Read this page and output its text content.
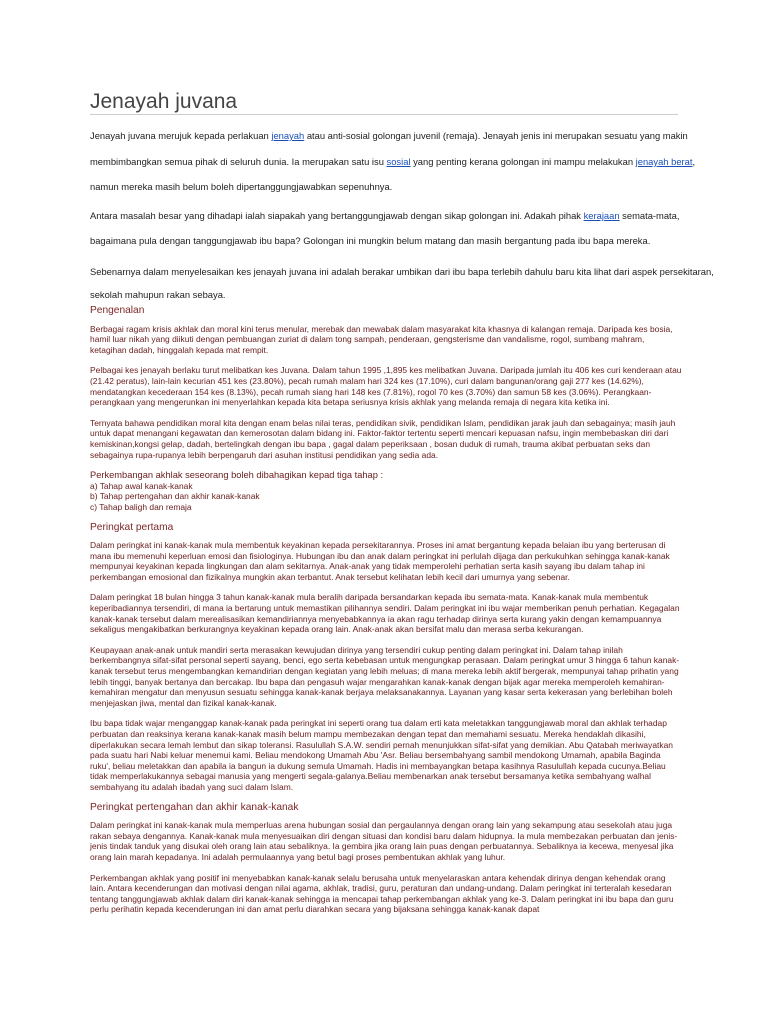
Jenayah juvana

Jenayah juvana merujuk kepada perlakuan jenayah atau anti-sosial golongan juvenil (remaja). Jenayah jenis ini merupakan sesuatu yang makin

membimbangkan semua pihak di seluruh dunia. Ia merupakan satu isu sosial yang penting kerana golongan ini mampu melakukan jenayah berat,

namun mereka masih belum boleh dipertanggungjawabkan sepenuhnya.

Antara masalah besar yang dihadapi ialah siapakah yang bertanggungjawab dengan sikap golongan ini. Adakah pihak kerajaan semata-mata,

bagaimana pula dengan tanggungjawab ibu bapa? Golongan ini mungkin belum matang dan masih bergantung pada ibu bapa mereka.

Sebenarnya dalam menyelesaikan kes jenayah juvana ini adalah berakar umbikan dari ibu bapa terlebih dahulu baru kita lihat dari aspek persekitaran,

sekolah mahupun rakan sebaya.

Pengenalan

Berbagai ragam krisis akhlak dan moral kini terus menular, merebak dan mewabak dalam masyarakat kita khasnya di kalangan remaja. Daripada kes bosia, hamil luar nikah yang diikuti dengan pembuangan zuriat di dalam tong sampah, penderaan, gengsterisme dan vandalisme, rogol, sumbang mahram, ketagihan dadah, hinggalah kepada mat rempit.

Pelbagai kes jenayah berlaku turut melibatkan kes Juvana. Dalam tahun 1995 ,1,895 kes melibatkan Juvana. Daripada jumlah itu 406 kes curi kenderaan atau (21.42 peratus), lain-lain kecurian 451 kes (23.80%), pecah rumah malam hari 324 kes (17.10%), curi dalam bangunan/orang gaji 277 kes (14.62%), mendatangkan kecederaan 154 kes (8.13%), pecah rumah siang hari 148 kes (7.81%), rogol 70 kes (3.70%) dan samun 58 kes (3.06%). Perangkaan-perangkaan yang mengerunkan ini menyerlahkan kepada kita betapa seriusnya krisis akhlak yang melanda remaja di negara kita ketika ini.

Ternyata bahawa pendidikan moral kita dengan enam belas nilai teras, pendidikan sivik, pendidikan Islam, pendidikan jarak jauh dan sebagainya; masih jauh untuk dapat menangani kegawatan dan kemerosotan dalam bidang ini. Faktor-faktor tertentu seperti mencari kepuasan nafsu, ingin membebaskan diri dari kemiskinan,kongsi gelap, dadah, bertelingkah dengan ibu bapa , gagal dalam peperiksaan , bosan duduk di rumah, trauma akibat perbuatan seks dan sebagainya rupa-rupanya lebih berpengaruh dari asuhan institusi pendidikan yang sedia ada.

Perkembangan akhlak seseorang boleh dibahagikan kepad tiga tahap :
a) Tahap awal kanak-kanak
b) Tahap pertengahan dan akhir kanak-kanak
c) Tahap baligh dan remaja
Peringkat pertama

Dalam peringkat ini kanak-kanak mula membentuk keyakinan kepada persekitarannya. Proses ini amat bergantung kepada belaian ibu yang berterusan di mana ibu memenuhi keperluan emosi dan fisiologinya. Hubungan ibu dan anak dalam peringkat ini perlulah dijaga dan perkukuhkan sehingga kanak-kanak mempunyai keyakinan kepada lingkungan dan alam sekitarnya. Anak-anak yang tidak memperolehi perhatian serta kasih sayang ibu dalam tahap ini perkembangan emosional dan fizikalnya mungkin akan terbantut. Anak tersebut kelihatan lebih kecil dari umurnya yang sebenar.

Dalam peringkat 18 bulan hingga 3 tahun kanak-kanak mula beralih daripada bersandarkan kepada ibu semata-mata. Kanak-kanak mula membentuk keperibadiannya tersendiri, di mana ia bertarung untuk memastikan pilihannya sendiri. Dalam peringkat ini ibu wajar memberikan penuh perhatian. Kegagalan kanak-kanak tersebut dalam merealisasikan kemandiriannya menyebabkannya ia akan ragu terhadap dirinya serta kurang yakin dengan kemampuannya sekaligus mengakibatkan berkurangnya keyakinan kepada orang lain. Anak-anak akan bersifat malu dan merasa serba kekurangan.

Keupayaan anak-anak untuk mandiri serta merasakan kewujudan dirinya yang tersendiri cukup penting dalam peringkat ini. Dalam tahap inilah berkembangnya sifat-sifat personal seperti sayang, benci, ego serta kebebasan untuk mengungkap perasaan. Dalam peringkat umur 3 hingga 6 tahun kanak-kanak tersebut terus mengembangkan kemandirian dengan kegiatan yang lebih meluas; di mana mereka lebih aktif bergerak, mempunyai tahap prihatin yang lebih tinggi, banyak bertanya dan bercakap. Ibu bapa dan pengasuh wajar mengarahkan kanak-kanak dengan bijak agar mereka memperoleh kemahiran-kemahiran mengatur dan menyusun sesuatu sehingga kanak-kanak berjaya melaksanakannya. Layanan yang kasar serta kekerasan yang berlebihan boleh menjejaskan jiwa, mental dan fizikal kanak-kanak.

Ibu bapa tidak wajar menganggap kanak-kanak pada peringkat ini seperti orang tua dalam erti kata meletakkan tanggungjawab moral dan akhlak terhadap perbuatan dan reaksinya kerana kanak-kanak masih belum mampu membezakan dengan tepat dan memahami sesuatu. Mereka hendaklah dikasihi, diperlakukan secara lemah lembut dan sikap toleransi. Rasulullah S.A.W. sendiri pernah menunjukkan sifat-sifat yang demikian. Abu Qatabah meriwayatkan pada suatu hari Nabi keluar menemui kami. Beliau mendokong Umamah Abu 'Asr. Beliau bersembahyang sambil mendokong Umamah, apabila Baginda ruku', beliau meletakkan dan apabila ia bangun ia dukung semula Umamah. Hadis ini membayangkan betapa kasihnya Rasulullah kepada cucunya.Beliau tidak memperlakukannya sebagai manusia yang mengerti segala-galanya.Beliau membenarkan anak tersebut bersamanya ketika sembahyang walhal sembahyang itu adalah ibadah yang suci dalam Islam.

Peringkat pertengahan dan akhir kanak-kanak

Dalam peringkat ini kanak-kanak mula memperluas arena hubungan sosial dan pergaulannya dengan orang lain yang sekampung atau sesekolah atau juga rakan sebaya dengannya. Kanak-kanak mula menyesuaikan diri dengan situasi dan kondisi baru dalam hidupnya. Ia mula membezakan perbuatan dan jenis-jenis tindak tanduk yang disukai oleh orang lain atau sebaliknya. Ia gembira jika orang lain puas dengan perbuatannya. Sebaliknya ia kecewa, menyesal jika orang lain marah kepadanya. Ini adalah permulaannya yang betul bagi proses pembentukan akhlak yang luhur.

Perkembangan akhlak yang positif ini menyebabkan kanak-kanak selalu berusaha untuk menyelaraskan antara kehendak dirinya dengan kehendak orang lain. Antara kecenderungan dan motivasi dengan nilai agama, akhlak, tradisi, guru, peraturan dan undang-undang. Dalam peringkat ini terteralah kesedaran tentang tanggungjawab akhlak dalam diri kanak-kanak sehingga ia mencapai tahap perkembangan akhlak yang ke-3. Dalam peringkat ini ibu bapa dan guru perlu perihatin kepada kecenderungan ini dan amat perlu diarahkan secara yang bijaksana sehingga kanak-kanak dapat
